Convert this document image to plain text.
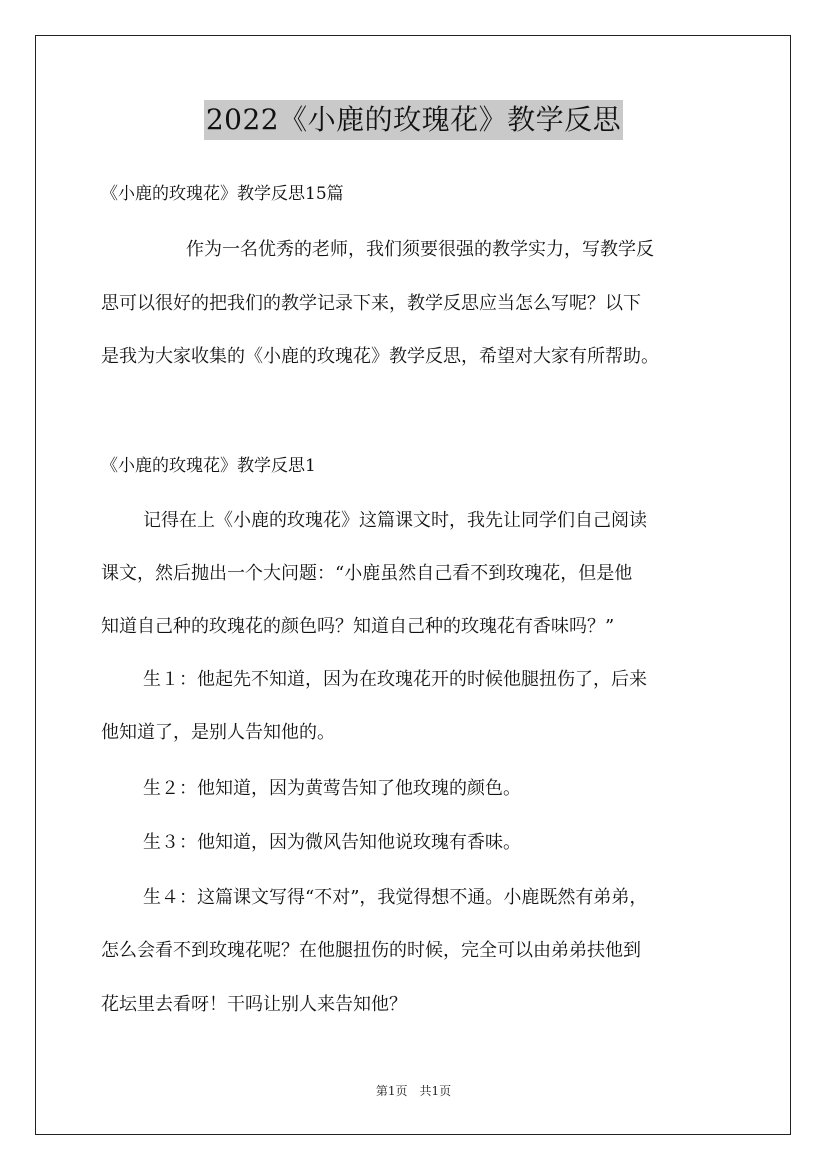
2022《小鹿的玫瑰花》教学反思
《小鹿的玫瑰花》教学反思15篇
作为一名优秀的老师，我们须要很强的教学实力，写教学反
思可以很好的把我们的教学记录下来，教学反思应当怎么写呢？以下
是我为大家收集的《小鹿的玫瑰花》教学反思，希望对大家有所帮助。
《小鹿的玫瑰花》教学反思1
记得在上《小鹿的玫瑰花》这篇课文时，我先让同学们自己阅读
课文，然后抛出一个大问题：“小鹿虽然自己看不到玫瑰花，但是他
知道自己种的玫瑰花的颜色吗？知道自己种的玫瑰花有香味吗？”
生１：他起先不知道，因为在玫瑰花开的时候他腿扭伤了，后来
他知道了，是别人告知他的。
生２：他知道，因为黄莺告知了他玫瑰的颜色。
生３：他知道，因为微风告知他说玫瑰有香味。
生４：这篇课文写得“不对”，我觉得想不通。小鹿既然有弟弟，
怎么会看不到玫瑰花呢？在他腿扭伤的时候，完全可以由弟弟扶他到
花坛里去看呀！干吗让别人来告知他？
第1页　共1页
